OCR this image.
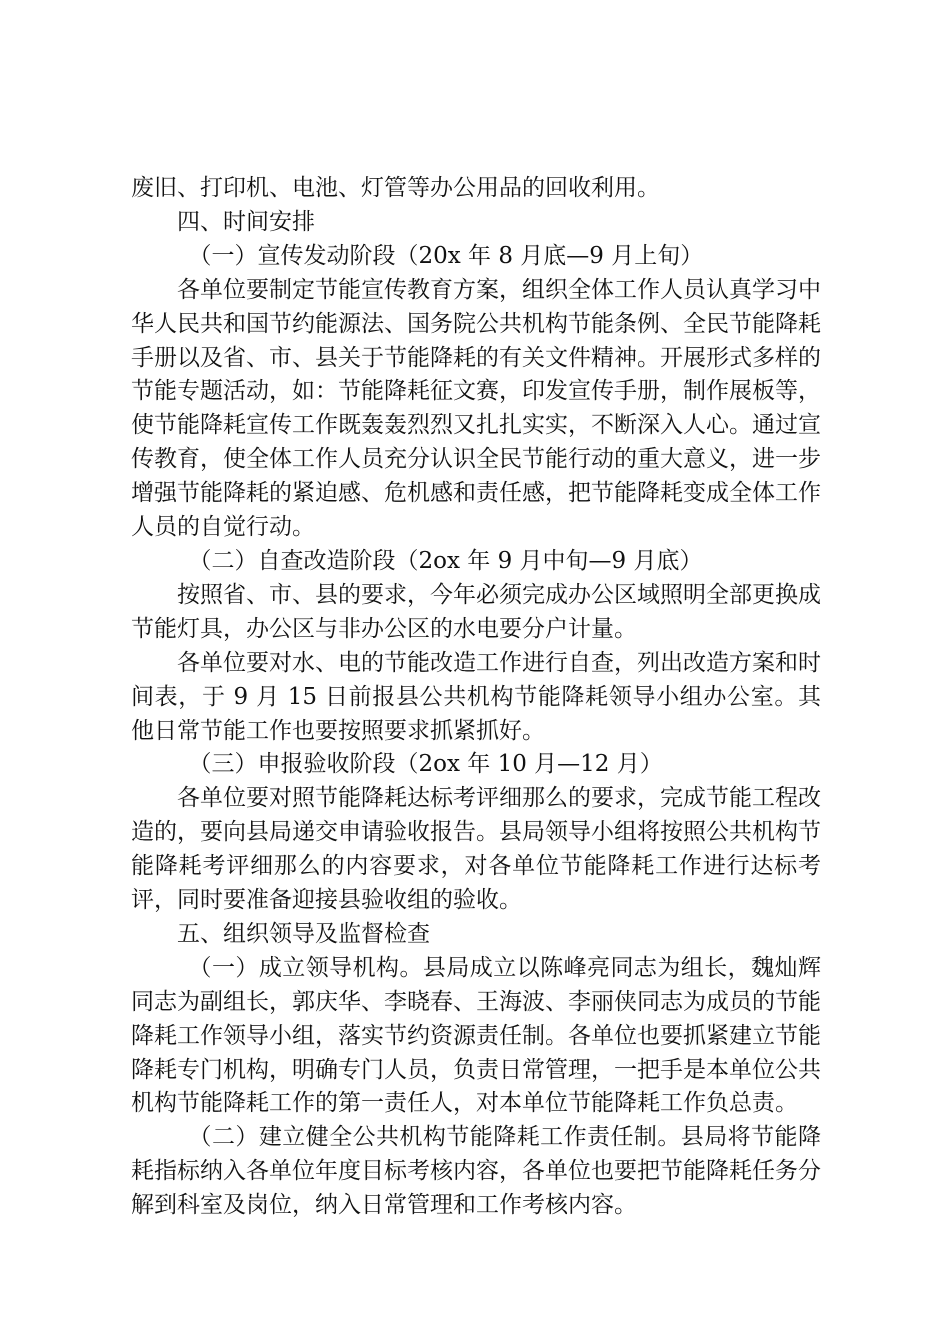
废旧、打印机、电池、灯管等办公用品的回收利用。

四、时间安排

（一）宣传发动阶段（20x 年 8 月底—9 月上旬）

各单位要制定节能宣传教育方案，组织全体工作人员认真学习中华人民共和国节约能源法、国务院公共机构节能条例、全民节能降耗手册以及省、市、县关于节能降耗的有关文件精神。开展形式多样的节能专题活动，如：节能降耗征文赛，印发宣传手册，制作展板等，使节能降耗宣传工作既轰轰烈烈又扎扎实实，不断深入人心。通过宣传教育，使全体工作人员充分认识全民节能行动的重大意义，进一步增强节能降耗的紧迫感、危机感和责任感，把节能降耗变成全体工作人员的自觉行动。

（二）自查改造阶段（2ox 年 9 月中旬—9 月底）

按照省、市、县的要求，今年必须完成办公区域照明全部更换成节能灯具，办公区与非办公区的水电要分户计量。

各单位要对水、电的节能改造工作进行自查，列出改造方案和时间表，于 9 月 15 日前报县公共机构节能降耗领导小组办公室。其他日常节能工作也要按照要求抓紧抓好。

（三）申报验收阶段（2ox 年 10 月—12 月）

各单位要对照节能降耗达标考评细那么的要求，完成节能工程改造的，要向县局递交申请验收报告。县局领导小组将按照公共机构节能降耗考评细那么的内容要求，对各单位节能降耗工作进行达标考评，同时要准备迎接县验收组的验收。

五、组织领导及监督检查

（一）成立领导机构。县局成立以陈峰亮同志为组长，魏灿辉同志为副组长，郭庆华、李晓春、王海波、李丽侠同志为成员的节能降耗工作领导小组，落实节约资源责任制。各单位也要抓紧建立节能降耗专门机构，明确专门人员，负责日常管理，一把手是本单位公共机构节能降耗工作的第一责任人，对本单位节能降耗工作负总责。

（二）建立健全公共机构节能降耗工作责任制。县局将节能降耗指标纳入各单位年度目标考核内容，各单位也要把节能降耗任务分解到科室及岗位，纳入日常管理和工作考核内容。
